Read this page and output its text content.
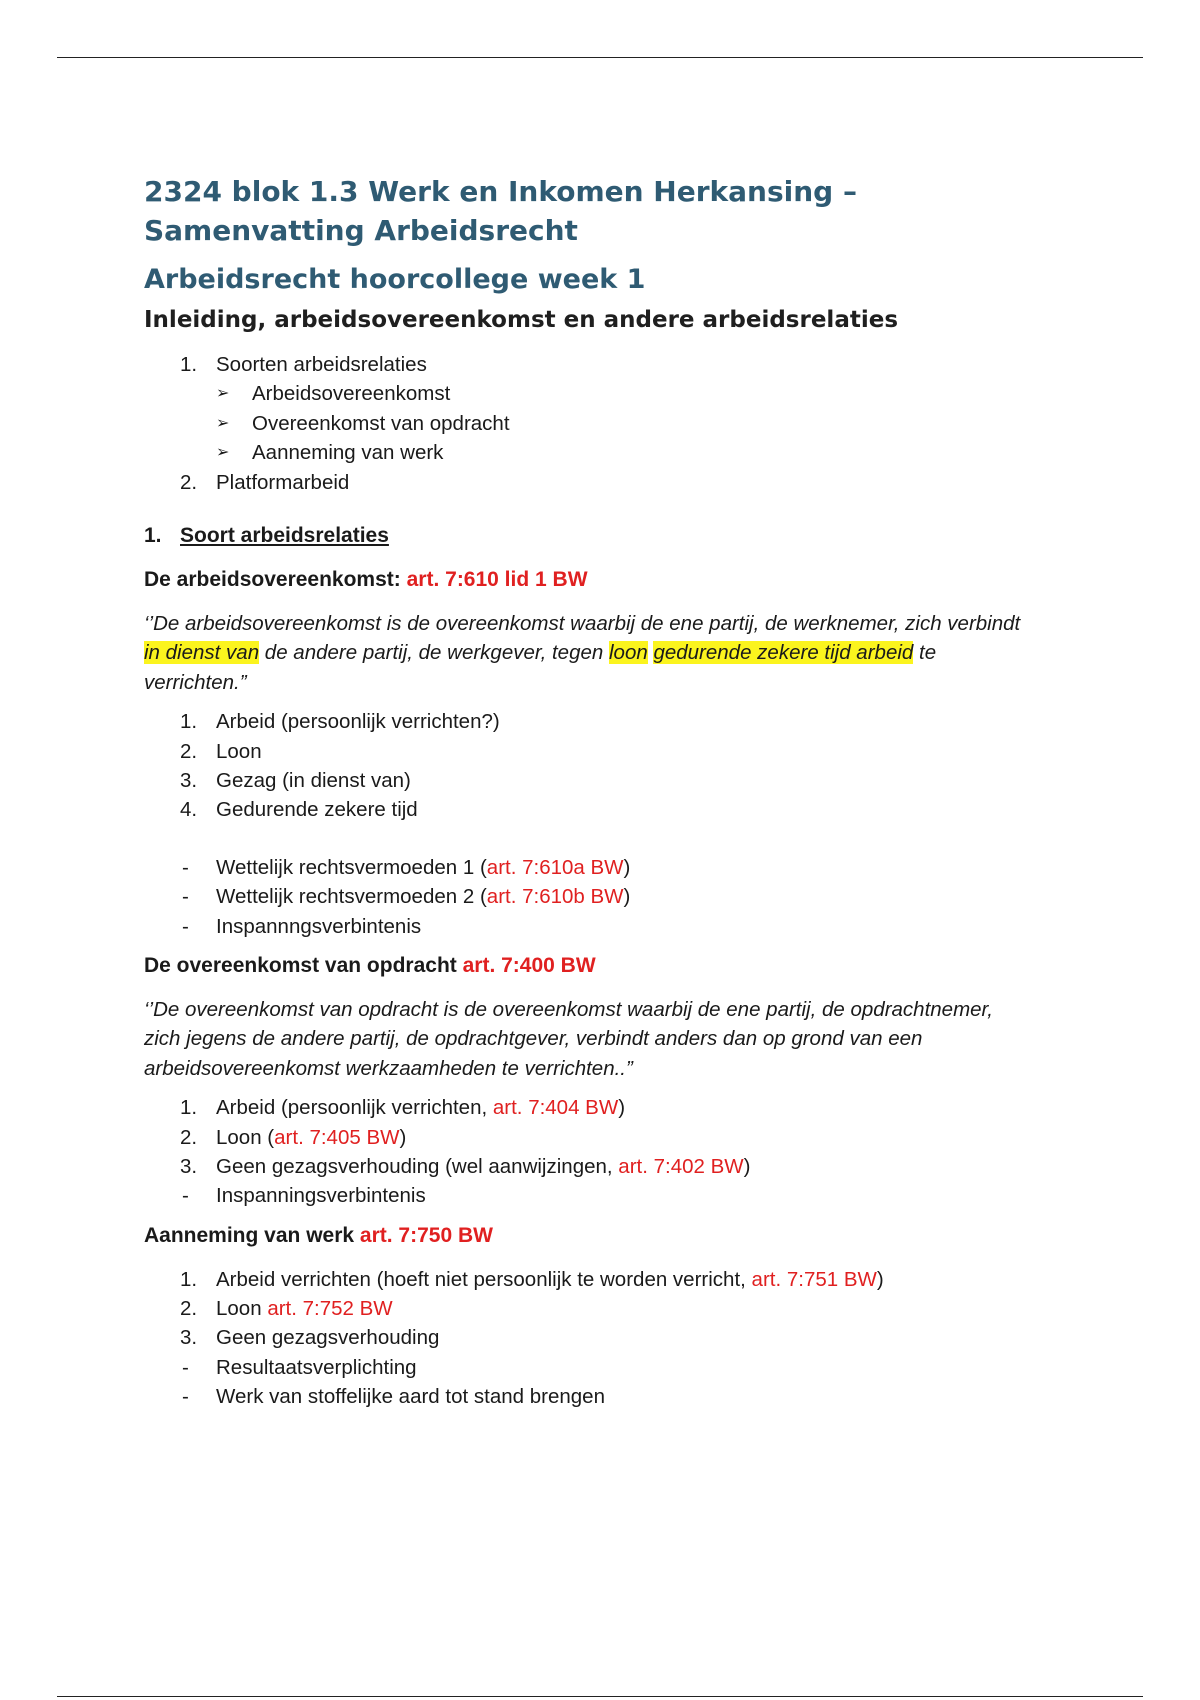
2324 blok 1.3 Werk en Inkomen Herkansing – Samenvatting Arbeidsrecht
Arbeidsrecht hoorcollege week 1
Inleiding, arbeidsovereenkomst en andere arbeidsrelaties
1. Soorten arbeidsrelaties
➢ Arbeidsovereenkomst
➢ Overeenkomst van opdracht
➢ Aanneming van werk
2. Platformarbeid

1. Soort arbeidsrelaties

De arbeidsovereenkomst: art. 7:610 lid 1 BW

‘’De arbeidsovereenkomst is de overeenkomst waarbij de ene partij, de werknemer, zich verbindt in dienst van de andere partij, de werkgever, tegen loon gedurende zekere tijd arbeid te verrichten.”

1. Arbeid (persoonlijk verrichten?)
2. Loon
3. Gezag (in dienst van)
4. Gedurende zekere tijd
- Wettelijk rechtsvermoeden 1 (art. 7:610a BW)
- Wettelijk rechtsvermoeden 2 (art. 7:610b BW)
- Inspannngsverbintenis

De overeenkomst van opdracht art. 7:400 BW

‘’De overeenkomst van opdracht is de overeenkomst waarbij de ene partij, de opdrachtnemer, zich jegens de andere partij, de opdrachtgever, verbindt anders dan op grond van een arbeidsovereenkomst werkzaamheden te verrichten..”

1. Arbeid (persoonlijk verrichten, art. 7:404 BW)
2. Loon (art. 7:405 BW)
3. Geen gezagsverhouding (wel aanwijzingen, art. 7:402 BW)
- Inspanningsverbintenis

Aanneming van werk art. 7:750 BW

1. Arbeid verrichten (hoeft niet persoonlijk te worden verricht, art. 7:751 BW)
2. Loon art. 7:752 BW
3. Geen gezagsverhouding
- Resultaatsverplichting
- Werk van stoffelijke aard tot stand brengen
